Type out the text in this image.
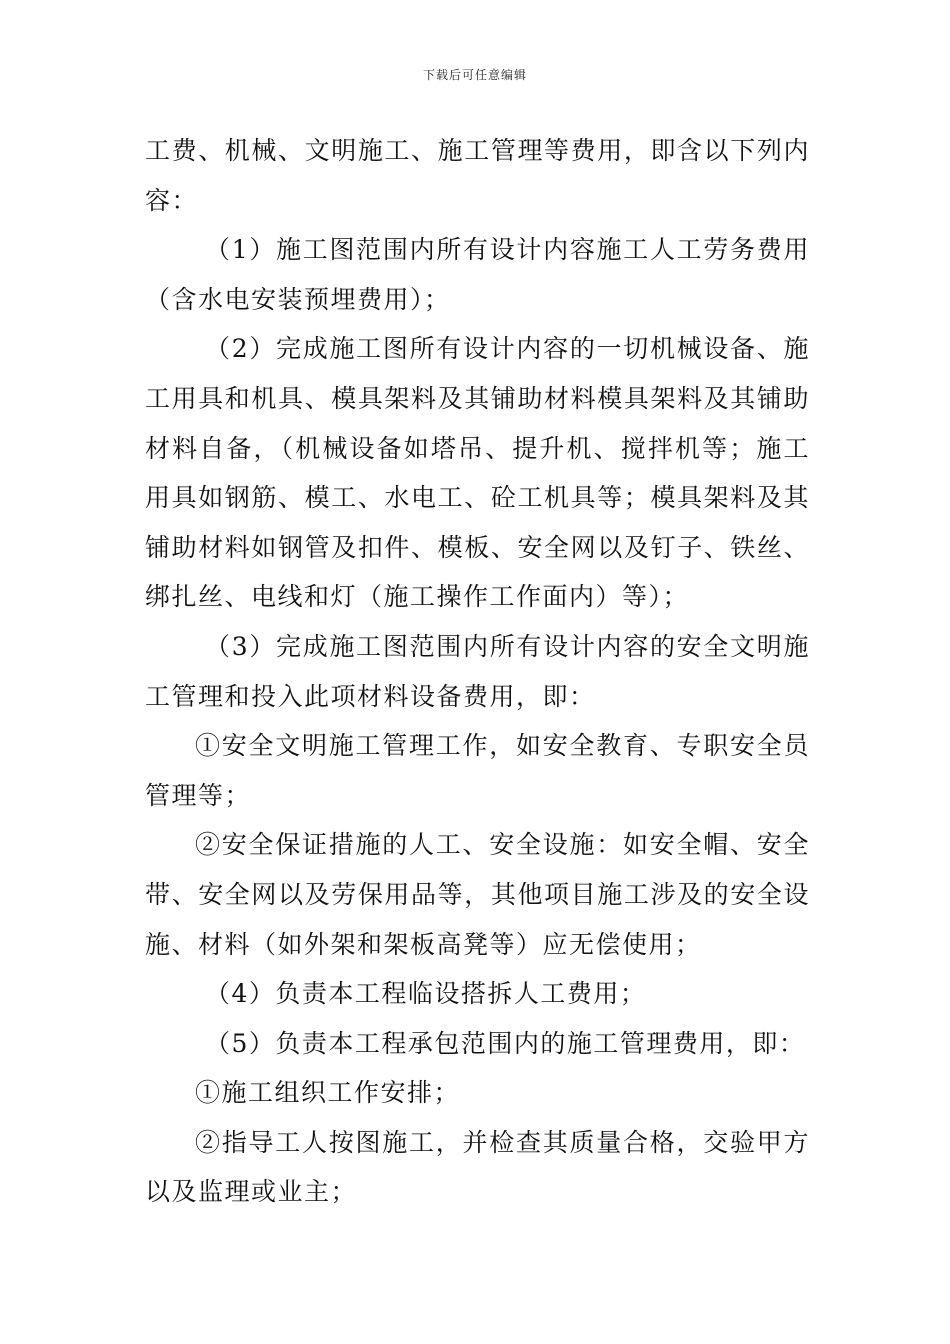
下载后可任意编辑

工费、机械、文明施工、施工管理等费用，即含以下列内容：

（1）施工图范围内所有设计内容施工人工劳务费用（含水电安装预埋费用）；

（2）完成施工图所有设计内容的一切机械设备、施工用具和机具、模具架料及其铺助材料模具架料及其铺助材料自备，（机械设备如塔吊、提升机、搅拌机等；施工用具如钢筋、模工、水电工、砼工机具等；模具架料及其铺助材料如钢管及扣件、模板、安全网以及钉子、铁丝、绑扎丝、电线和灯（施工操作工作面内）等）；

（3）完成施工图范围内所有设计内容的安全文明施工管理和投入此项材料设备费用，即：

①安全文明施工管理工作，如安全教育、专职安全员管理等；

②安全保证措施的人工、安全设施：如安全帽、安全带、安全网以及劳保用品等，其他项目施工涉及的安全设施、材料（如外架和架板高凳等）应无偿使用；

（4）负责本工程临设搭拆人工费用；

（5）负责本工程承包范围内的施工管理费用，即：

①施工组织工作安排；

②指导工人按图施工，并检查其质量合格，交验甲方以及监理或业主；
